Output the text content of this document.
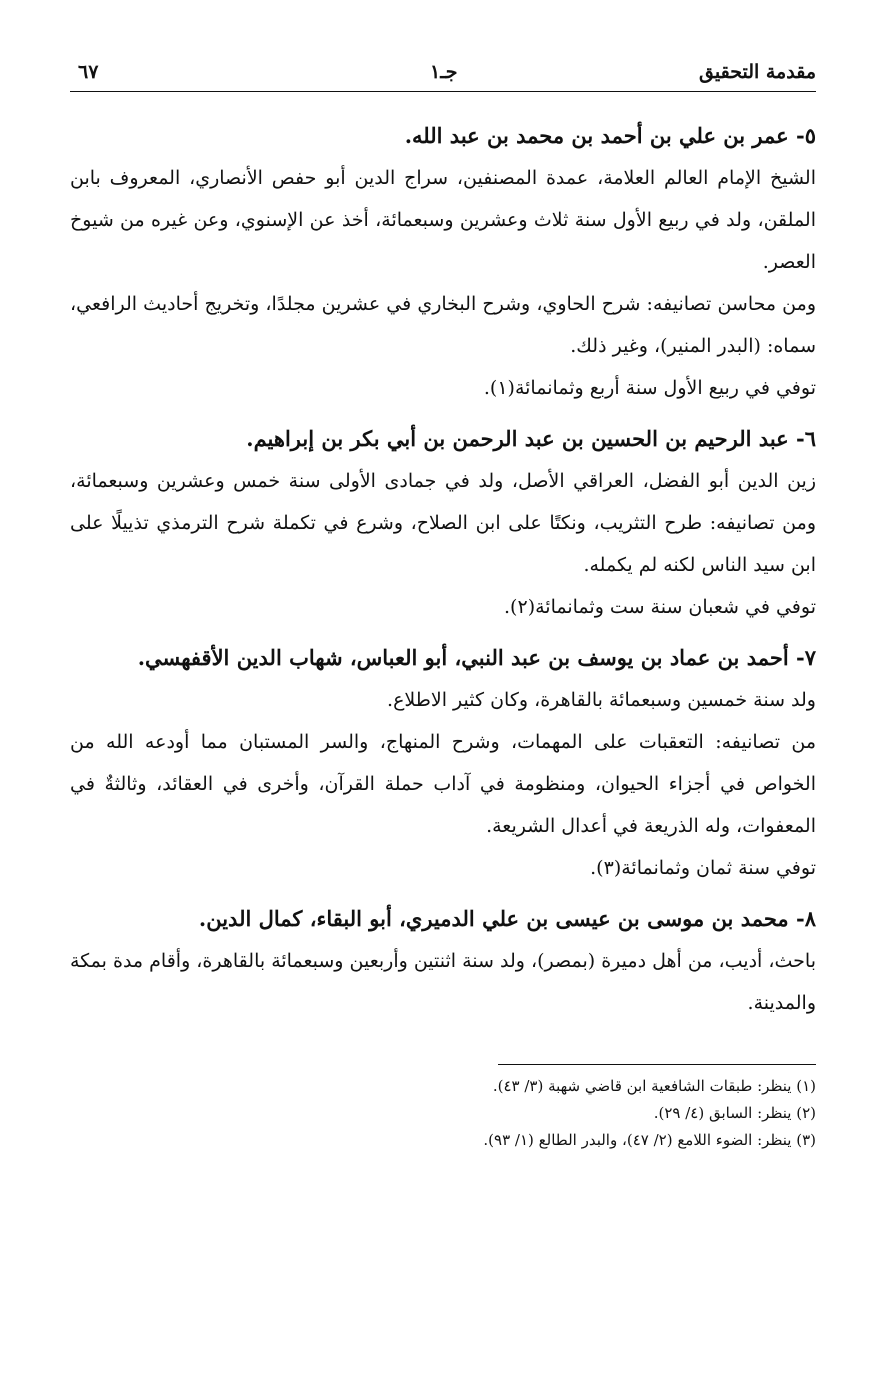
مقدمة التحقيق
جـ١
٦٧

٥- عمر بن علي بن أحمد بن محمد بن عبد الله.

الشيخ الإمام العالم العلامة، عمدة المصنفين، سراج الدين أبو حفص الأنصاري، المعروف بابن الملقن، ولد في ربيع الأول سنة ثلاث وعشرين وسبعمائة، أخذ عن الإسنوي، وعن غيره من شيوخ العصر.

ومن محاسن تصانيفه: شرح الحاوي، وشرح البخاري في عشرين مجلدًا، وتخريج أحاديث الرافعي، سماه: (البدر المنير)، وغير ذلك.

توفي في ربيع الأول سنة أربع وثمانمائة(١).

٦- عبد الرحيم بن الحسين بن عبد الرحمن بن أبي بكر بن إبراهيم.

زين الدين أبو الفضل، العراقي الأصل، ولد في جمادى الأولى سنة خمس وعشرين وسبعمائة، ومن تصانيفه: طرح التثريب، ونكتًا على ابن الصلاح، وشرع في تكملة شرح الترمذي تذييلًا على ابن سيد الناس لكنه لم يكمله.

توفي في شعبان سنة ست وثمانمائة(٢).

٧- أحمد بن عماد بن يوسف بن عبد النبي، أبو العباس، شهاب الدين الأقفهسي.

ولد سنة خمسين وسبعمائة بالقاهرة، وكان كثير الاطلاع.

من تصانيفه: التعقبات على المهمات، وشرح المنهاج، والسر المستبان مما أودعه الله من الخواص في أجزاء الحيوان، ومنظومة في آداب حملة القرآن، وأخرى في العقائد، وثالثةٌ في المعفوات، وله الذريعة في أعدال الشريعة.

توفي سنة ثمان وثمانمائة(٣).

٨- محمد بن موسى بن عيسى بن علي الدميري، أبو البقاء، كمال الدين.

باحث، أديب، من أهل دميرة (بمصر)، ولد سنة اثنتين وأربعين وسبعمائة بالقاهرة، وأقام مدة بمكة والمدينة.

(١) ينظر: طبقات الشافعية ابن قاضي شهبة (٣/ ٤٣).

(٢) ينظر: السابق (٤/ ٢٩).

(٣) ينظر: الضوء اللامع (٢/ ٤٧)، والبدر الطالع (١/ ٩٣).
